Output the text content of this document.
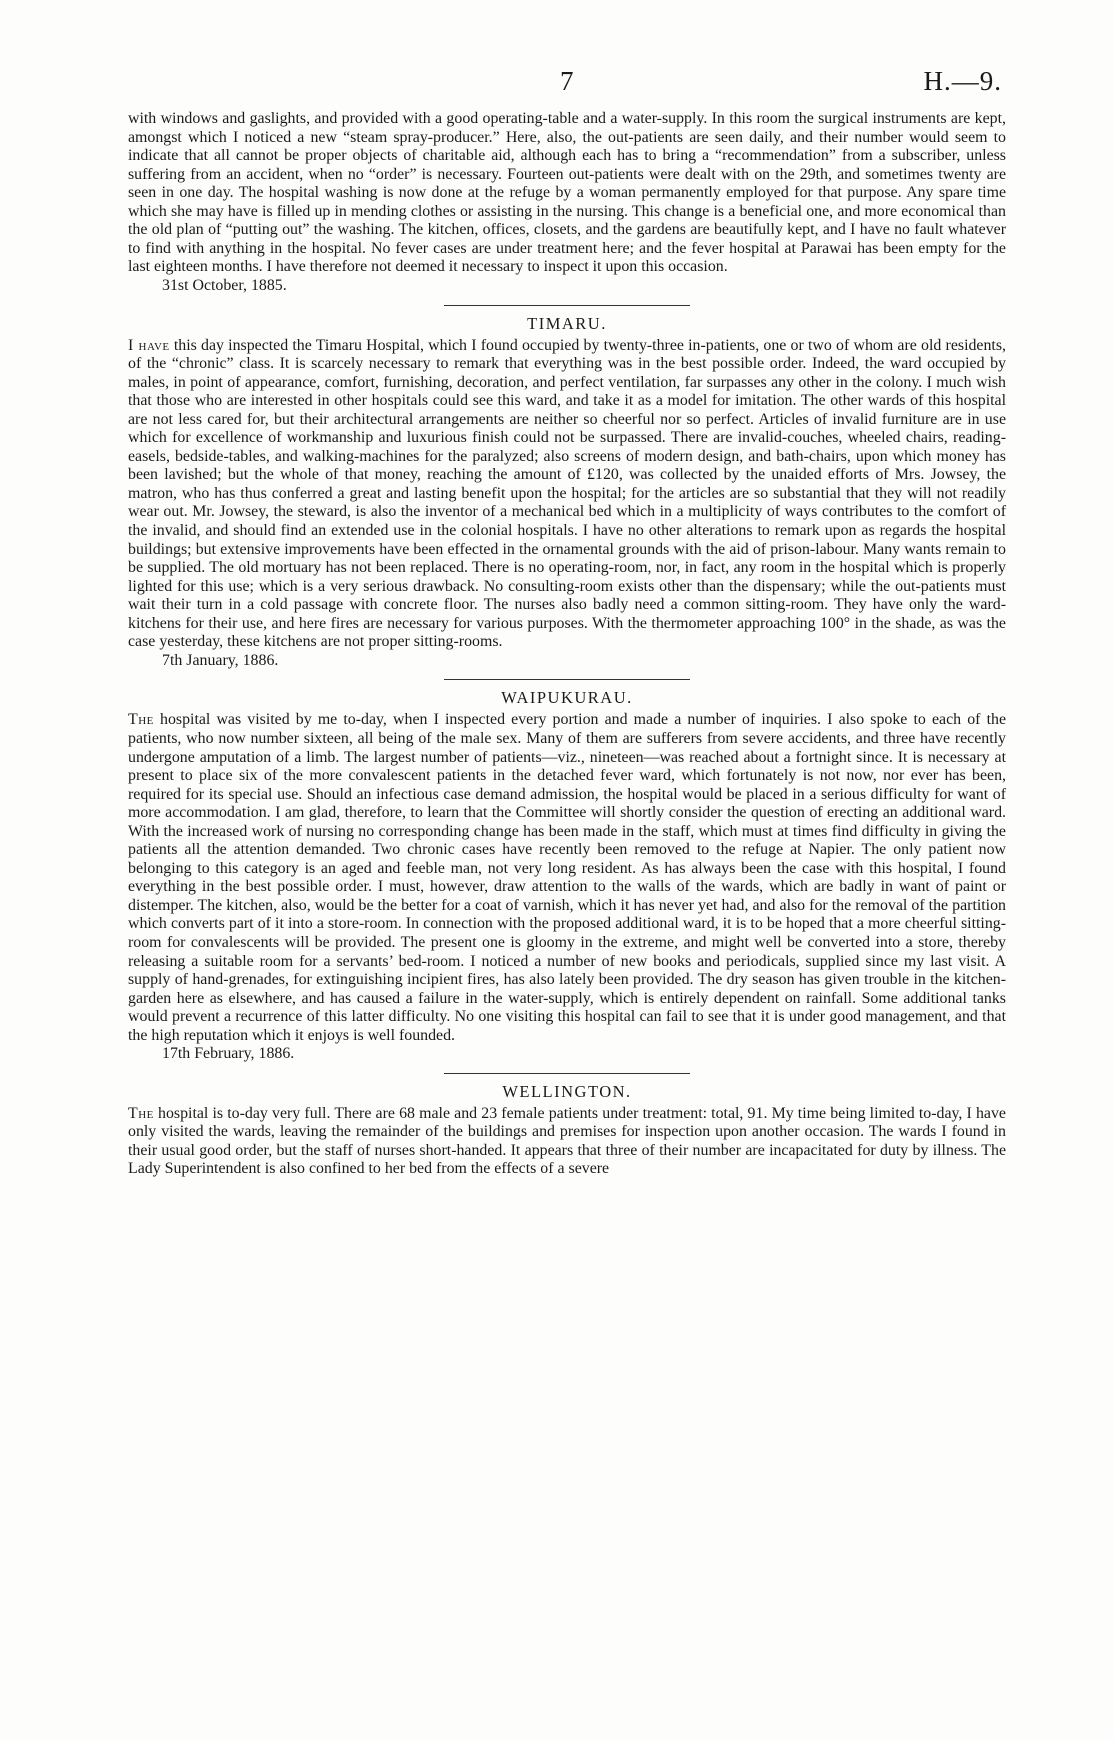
7	H.—9.

with windows and gaslights, and provided with a good operating-table and a water-supply. In this room the surgical instruments are kept, amongst which I noticed a new “steam spray-producer.” Here, also, the out-patients are seen daily, and their number would seem to indicate that all cannot be proper objects of charitable aid, although each has to bring a “recommendation” from a subscriber, unless suffering from an accident, when no “order” is necessary. Fourteen out-patients were dealt with on the 29th, and sometimes twenty are seen in one day. The hospital washing is now done at the refuge by a woman permanently employed for that purpose. Any spare time which she may have is filled up in mending clothes or assisting in the nursing. This change is a beneficial one, and more economical than the old plan of “putting out” the washing. The kitchen, offices, closets, and the gardens are beautifully kept, and I have no fault whatever to find with anything in the hospital. No fever cases are under treatment here; and the fever hospital at Parawai has been empty for the last eighteen months. I have therefore not deemed it necessary to inspect it upon this occasion.

31st October, 1885.
TIMARU.

I have this day inspected the Timaru Hospital, which I found occupied by twenty-three in-patients, one or two of whom are old residents, of the “chronic” class. It is scarcely necessary to remark that everything was in the best possible order. Indeed, the ward occupied by males, in point of appearance, comfort, furnishing, decoration, and perfect ventilation, far surpasses any other in the colony. I much wish that those who are interested in other hospitals could see this ward, and take it as a model for imitation. The other wards of this hospital are not less cared for, but their architectural arrangements are neither so cheerful nor so perfect. Articles of invalid furniture are in use which for excellence of workmanship and luxurious finish could not be surpassed. There are invalid-couches, wheeled chairs, reading-easels, bedside-tables, and walking-machines for the paralyzed; also screens of modern design, and bath-chairs, upon which money has been lavished; but the whole of that money, reaching the amount of £120, was collected by the unaided efforts of Mrs. Jowsey, the matron, who has thus conferred a great and lasting benefit upon the hospital; for the articles are so substantial that they will not readily wear out. Mr. Jowsey, the steward, is also the inventor of a mechanical bed which in a multiplicity of ways contributes to the comfort of the invalid, and should find an extended use in the colonial hospitals. I have no other alterations to remark upon as regards the hospital buildings; but extensive improvements have been effected in the ornamental grounds with the aid of prison-labour. Many wants remain to be supplied. The old mortuary has not been replaced. There is no operating-room, nor, in fact, any room in the hospital which is properly lighted for this use; which is a very serious drawback. No consulting-room exists other than the dispensary; while the out-patients must wait their turn in a cold passage with concrete floor. The nurses also badly need a common sitting-room. They have only the ward-kitchens for their use, and here fires are necessary for various purposes. With the thermometer approaching 100° in the shade, as was the case yesterday, these kitchens are not proper sitting-rooms.

7th January, 1886.
WAIPUKURAU.

The hospital was visited by me to-day, when I inspected every portion and made a number of inquiries. I also spoke to each of the patients, who now number sixteen, all being of the male sex. Many of them are sufferers from severe accidents, and three have recently undergone amputation of a limb. The largest number of patients—viz., nineteen—was reached about a fortnight since. It is necessary at present to place six of the more convalescent patients in the detached fever ward, which fortunately is not now, nor ever has been, required for its special use. Should an infectious case demand admission, the hospital would be placed in a serious difficulty for want of more accommodation. I am glad, therefore, to learn that the Committee will shortly consider the question of erecting an additional ward. With the increased work of nursing no corresponding change has been made in the staff, which must at times find difficulty in giving the patients all the attention demanded. Two chronic cases have recently been removed to the refuge at Napier. The only patient now belonging to this category is an aged and feeble man, not very long resident. As has always been the case with this hospital, I found everything in the best possible order. I must, however, draw attention to the walls of the wards, which are badly in want of paint or distemper. The kitchen, also, would be the better for a coat of varnish, which it has never yet had, and also for the removal of the partition which converts part of it into a store-room. In connection with the proposed additional ward, it is to be hoped that a more cheerful sitting-room for convalescents will be provided. The present one is gloomy in the extreme, and might well be converted into a store, thereby releasing a suitable room for a servants’ bed-room. I noticed a number of new books and periodicals, supplied since my last visit. A supply of hand-grenades, for extinguishing incipient fires, has also lately been provided. The dry season has given trouble in the kitchen-garden here as elsewhere, and has caused a failure in the water-supply, which is entirely dependent on rainfall. Some additional tanks would prevent a recurrence of this latter difficulty. No one visiting this hospital can fail to see that it is under good management, and that the high reputation which it enjoys is well founded.

17th February, 1886.
WELLINGTON.

The hospital is to-day very full. There are 68 male and 23 female patients under treatment: total, 91. My time being limited to-day, I have only visited the wards, leaving the remainder of the buildings and premises for inspection upon another occasion. The wards I found in their usual good order, but the staff of nurses short-handed. It appears that three of their number are incapacitated for duty by illness. The Lady Superintendent is also confined to her bed from the effects of a severe
